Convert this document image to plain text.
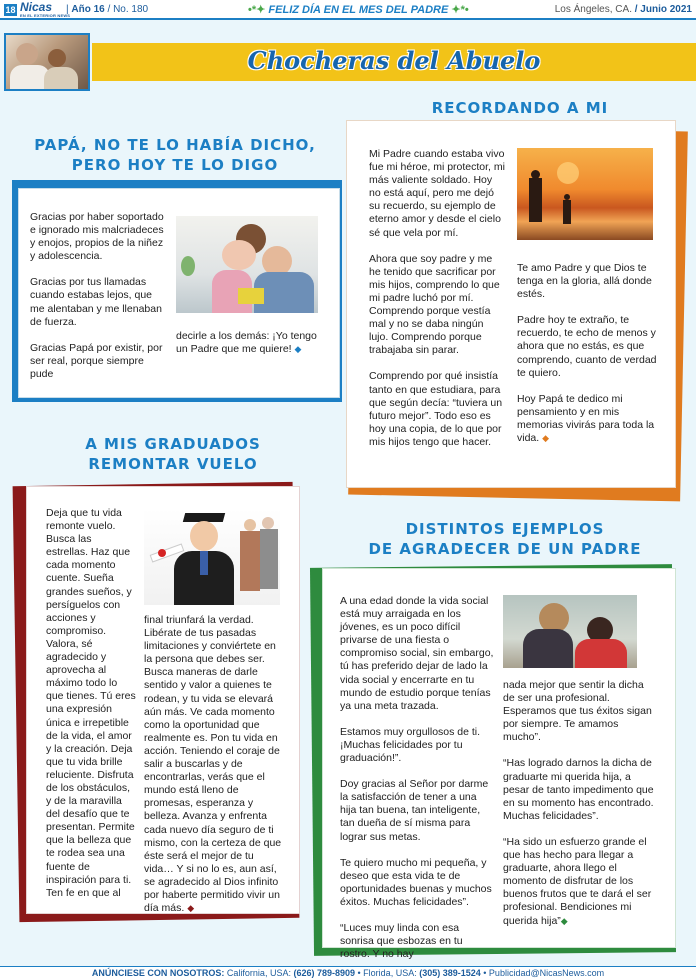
18 Nicas
EN EL EXTERIOR NEWS
| Año 16 / No. 180	•*✦ FELIZ DÍA EN EL MES DEL PADRE ✦*•	Los Ángeles, CA. / Junio 2021
Chocheras del Abuelo
PAPÁ, NO TE LO HABÍA DICHO,
PERO HOY TE LO DIGO

Gracias por haber soportado e ignorado mis malcriadeces y enojos, propios de la niñez y adolescencia.

Gracias por tus llamadas cuando estabas lejos, que me alentaban y me llenaban de fuerza.

Gracias Papá por existir, por ser real, porque siempre pude

decirle a los demás: ¡Yo tengo un Padre que me quiere! ◆
RECORDANDO A MI

Mi Padre cuando estaba vivo fue mi héroe, mi protector, mi más valiente soldado. Hoy no está aquí, pero me dejó su recuerdo, su ejemplo de eterno amor y desde el cielo sé que vela por mí.

Ahora que soy padre y me he tenido que sacrificar por mis hijos, comprendo lo que mi padre luchó por mí. Comprendo porque vestía mal y no se daba ningún lujo. Comprendo porque trabajaba sin parar.

Comprendo por qué insistía tanto en que estudiara, para que según decía: “tuviera un futuro mejor”. Todo eso es hoy una copia, de lo que por mis hijos tengo que hacer.

Te amo Padre y que Dios te tenga en la gloria, allá donde estés.

Padre hoy te extraño, te recuerdo, te echo de menos y ahora que no estás, es que comprendo, cuanto de verdad te quiero.

Hoy Papá te dedico mi pensamiento y en mis memorias vivirás para toda la vida. ◆

A MIS GRADUADOS
REMONTAR VUELO
Deja que tu vida remonte vuelo. Busca las estrellas. Haz que cada momento cuente. Sueña grandes sueños, y persíguelos con acciones y compromiso. Valora, sé agradecido y aprovecha al máximo todo lo que tienes. Tú eres una expresión única e irrepetible de la vida, el amor y la creación. Deja que tu vida brille reluciente. Disfruta de los obstáculos, y de la maravilla del desafío que te presentan. Permite que la belleza que te rodea sea una fuente de inspiración para ti. Ten fe en que al
final triunfará la verdad. Libérate de tus pasadas limitaciones y conviértete en la persona que debes ser. Busca maneras de darle sentido y valor a quienes te rodean, y tu vida se elevará aún más. Ve cada momento como la oportunidad que realmente es. Pon tu vida en acción. Teniendo el coraje de salir a buscarlas y de encontrarlas, verás que el mundo está lleno de promesas, esperanza y belleza. Avanza y enfrenta cada nuevo día seguro de ti mismo, con la certeza de que éste será el mejor de tu vida… Y si no lo es, aun así, se agradecido al Dios infinito por haberte permitido vivir un día más. ◆
DISTINTOS EJEMPLOS
DE AGRADECER DE UN PADRE

A una edad donde la vida social está muy arraigada en los jóvenes, es un poco difícil privarse de una fiesta o compromiso social, sin embargo, tú has preferido dejar de lado la vida social y encerrarte en tu mundo de estudio porque tenías ya una meta trazada.

Estamos muy orgullosos de ti. ¡Muchas felicidades por tu graduación!”.

Doy gracias al Señor por darme la satisfacción de tener a una hija tan buena, tan inteligente, tan dueña de sí misma para lograr sus metas.

Te quiero mucho mi pequeña, y deseo que esta vida te de oportunidades buenas y muchos éxitos. Muchas felicidades”.

“Luces muy linda con esa sonrisa que esbozas en tu rostro. Y no hay

nada mejor que sentir la dicha de ser una profesional. Esperamos que tus éxitos sigan por siempre. Te amamos mucho”.

“Has logrado darnos la dicha de graduarte mi querida hija, a pesar de tanto impedimento que en su momento has encontrado. Muchas felicidades”.

“Ha sido un esfuerzo grande el que has hecho para llegar a graduarte, ahora llego el momento de disfrutar de los buenos frutos que te dará el ser profesional. Bendiciones mi querida hija”◆

ANÚNCIESE CON NOSOTROS: California, USA: (626) 789-8909 • Florida, USA: (305) 389-1524 • Publicidad@NicasNews.com
